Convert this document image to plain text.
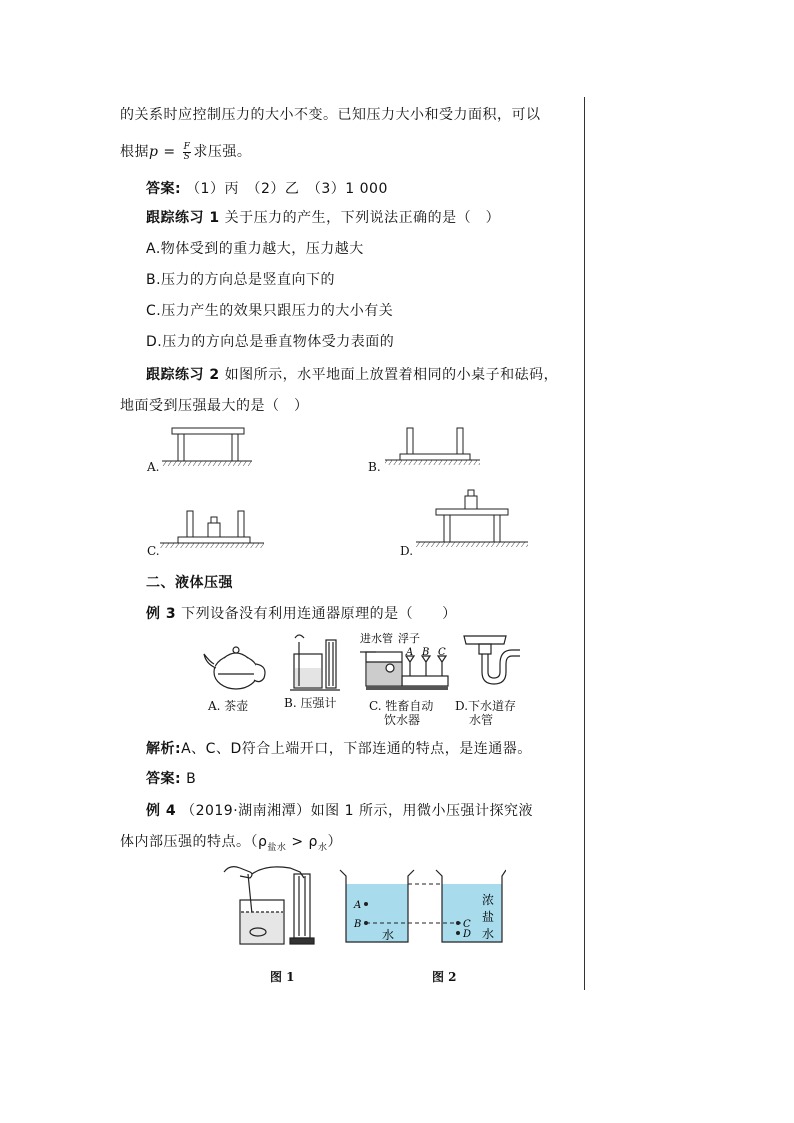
的关系时应控制压力的大小不变。已知压力大小和受力面积，可以
根据$p = \frac{F}{S}$ 求压强。
答案: （1）丙　（2）乙　（3）1 000
跟踪练习 1 关于压力的产生，下列说法正确的是（　）
A.物体受到的重力越大，压力越大
B.压力的方向总是竖直向下的
C.压力产生的效果只跟压力的大小有关
D.压力的方向总是垂直物体受力表面的
跟踪练习 2 如图所示，水平地面上放置着相同的小桌子和砝码，
地面受到压强最大的是（　）
A.	B.
C.	D.
二、液体压强
例 3 下列设备没有利用连通器原理的是（　　）
进水管 浮子
A B C
A. 茶壶	B. 压强计	C. 牲畜自动
饮水器
D.下水道存
水管
解析:A、C、D符合上端开口，下部连通的特点，是连通器。
答案: B
例 4 （2019·湖南湘潭）如图 1 所示，用微小压强计探究液
体内部压强的特点。$(\rho_{盐水} > \rho_水)$
A
B
水
浓
盐
水
C
D
图 1	图 2
